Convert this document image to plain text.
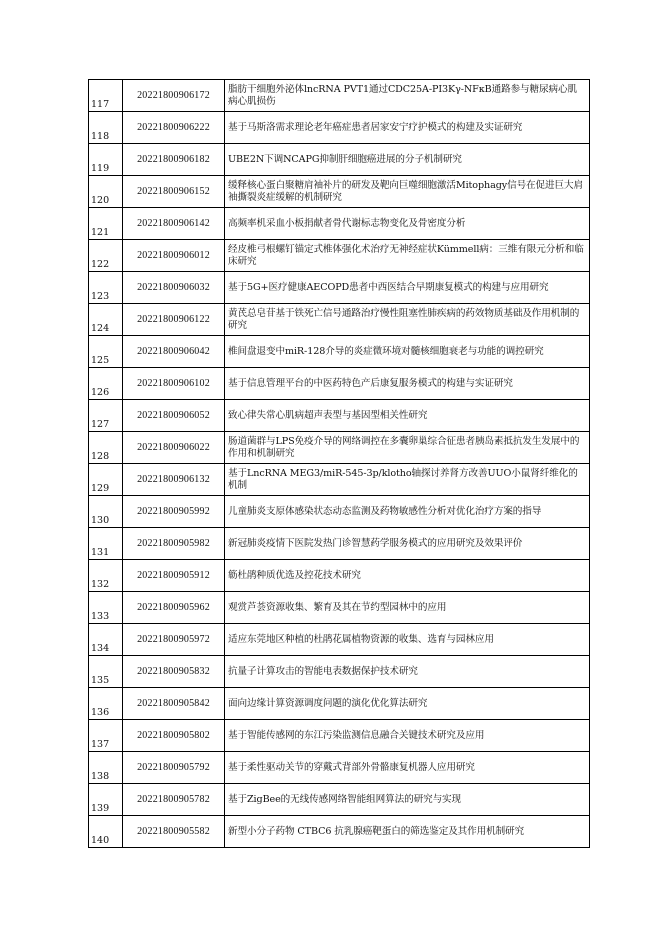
117	20221800906172	脂肪干细胞外泌体lncRNA PVT1通过CDC25A-PI3Kγ-NFκB通路参与糖尿病心肌病心肌损伤
118	20221800906222	基于马斯洛需求理论老年癌症患者居家安宁疗护模式的构建及实证研究
119	20221800906182	UBE2N下调NCAPG抑制肝细胞癌进展的分子机制研究
120	20221800906152	缓释核心蛋白聚糖肩袖补片的研发及靶向巨噬细胞激活Mitophagy信号在促进巨大肩袖撕裂炎症缓解的机制研究
121	20221800906142	高频率机采血小板捐献者骨代谢标志物变化及骨密度分析
122	20221800906012	经皮椎弓根螺钉锚定式椎体强化术治疗无神经症状Kümmell病：三维有限元分析和临床研究
123	20221800906032	基于5G+医疗健康AECOPD患者中西医结合早期康复模式的构建与应用研究
124	20221800906122	黄芪总皂苷基于铁死亡信号通路治疗慢性阻塞性肺疾病的药效物质基础及作用机制的研究
125	20221800906042	椎间盘退变中miR-128介导的炎症微环境对髓核细胞衰老与功能的调控研究
126	20221800906102	基于信息管理平台的中医药特色产后康复服务模式的构建与实证研究
127	20221800906052	致心律失常心肌病超声表型与基因型相关性研究
128	20221800906022	肠道菌群与LPS免疫介导的网络调控在多囊卵巢综合征患者胰岛素抵抗发生发展中的作用和机制研究
129	20221800906132	基于LncRNA MEG3/miR-545-3p/klotho轴探讨养肾方改善UUO小鼠肾纤维化的机制
130	20221800905992	儿童肺炎支原体感染状态动态监测及药物敏感性分析对优化治疗方案的指导
131	20221800905982	新冠肺炎疫情下医院发热门诊智慧药学服务模式的应用研究及效果评价
132	20221800905912	簕杜鹃种质优选及控花技术研究
133	20221800905962	观赏芦荟资源收集、繁育及其在节约型园林中的应用
134	20221800905972	适应东莞地区种植的杜鹃花属植物资源的收集、选育与园林应用
135	20221800905832	抗量子计算攻击的智能电表数据保护技术研究
136	20221800905842	面向边缘计算资源调度问题的演化优化算法研究
137	20221800905802	基于智能传感网的东江污染监测信息融合关键技术研究及应用
138	20221800905792	基于柔性驱动关节的穿戴式背部外骨骼康复机器人应用研究
139	20221800905782	基于ZigBee的无线传感网络智能组网算法的研究与实现
140	20221800905582	新型小分子药物 CTBC6 抗乳腺癌靶蛋白的筛选鉴定及其作用机制研究
